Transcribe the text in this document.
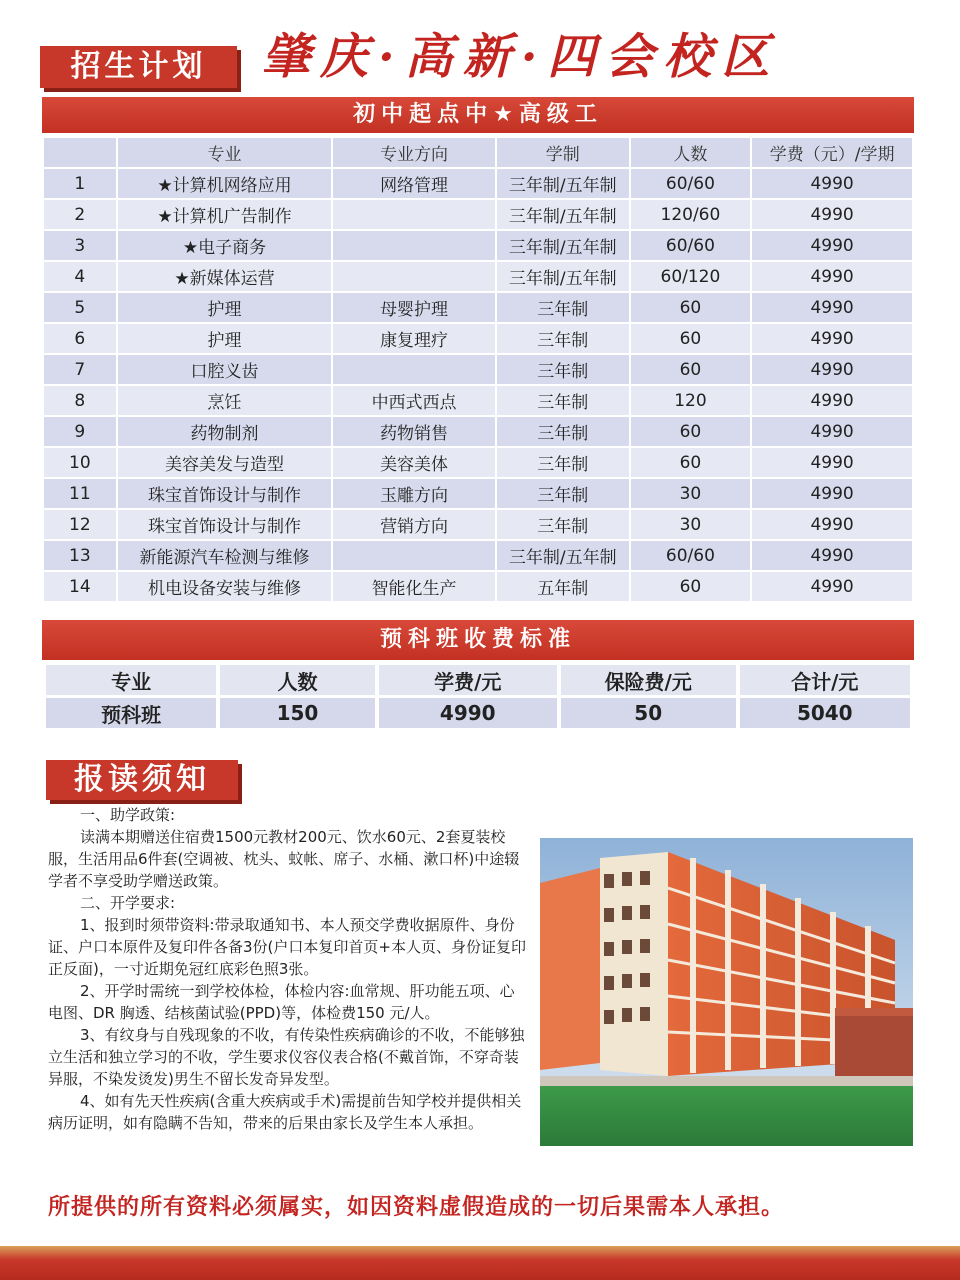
招生计划	肇庆·高新·四会校区
初中起点中★高级工
	专业	专业方向	学制	人数	学费（元）/学期
1	★计算机网络应用	网络管理	三年制/五年制	60/60	4990
2	★计算机广告制作		三年制/五年制	120/60	4990
3	★电子商务		三年制/五年制	60/60	4990
4	★新媒体运营		三年制/五年制	60/120	4990
5	护理	母婴护理	三年制	60	4990
6	护理	康复理疗	三年制	60	4990
7	口腔义齿		三年制	60	4990
8	烹饪	中西式西点	三年制	120	4990
9	药物制剂	药物销售	三年制	60	4990
10	美容美发与造型	美容美体	三年制	60	4990
11	珠宝首饰设计与制作	玉雕方向	三年制	30	4990
12	珠宝首饰设计与制作	营销方向	三年制	30	4990
13	新能源汽车检测与维修		三年制/五年制	60/60	4990
14	机电设备安装与维修	智能化生产	五年制	60	4990
预科班收费标准
专业	人数	学费/元	保险费/元	合计/元
预科班	150	4990	50	5040
报读须知

一、助学政策:

读满本期赠送住宿费1500元教材200元、饮水60元、2套夏装校服，生活用品6件套(空调被、枕头、蚊帐、席子、水桶、漱口杯)中途辍学者不享受助学赠送政策。

二、开学要求:

1、报到时须带资料:带录取通知书、本人预交学费收据原件、身份证、户口本原件及复印件各备3份(户口本复印首页+本人页、身份证复印正反面)，一寸近期免冠红底彩色照3张。

2、开学时需统一到学校体检，体检内容:血常规、肝功能五项、心电图、DR 胸透、结核菌试验(PPD)等，体检费150 元/人。

3、有纹身与自残现象的不收，有传染性疾病确诊的不收，不能够独立生活和独立学习的不收，学生要求仪容仪表合格(不戴首饰，不穿奇装异服，不染发烫发)男生不留长发奇异发型。

4、如有先天性疾病(含重大疾病或手术)需提前告知学校并提供相关病历证明，如有隐瞒不告知，带来的后果由家长及学生本人承担。

所提供的所有资料必须属实，如因资料虚假造成的一切后果需本人承担。
